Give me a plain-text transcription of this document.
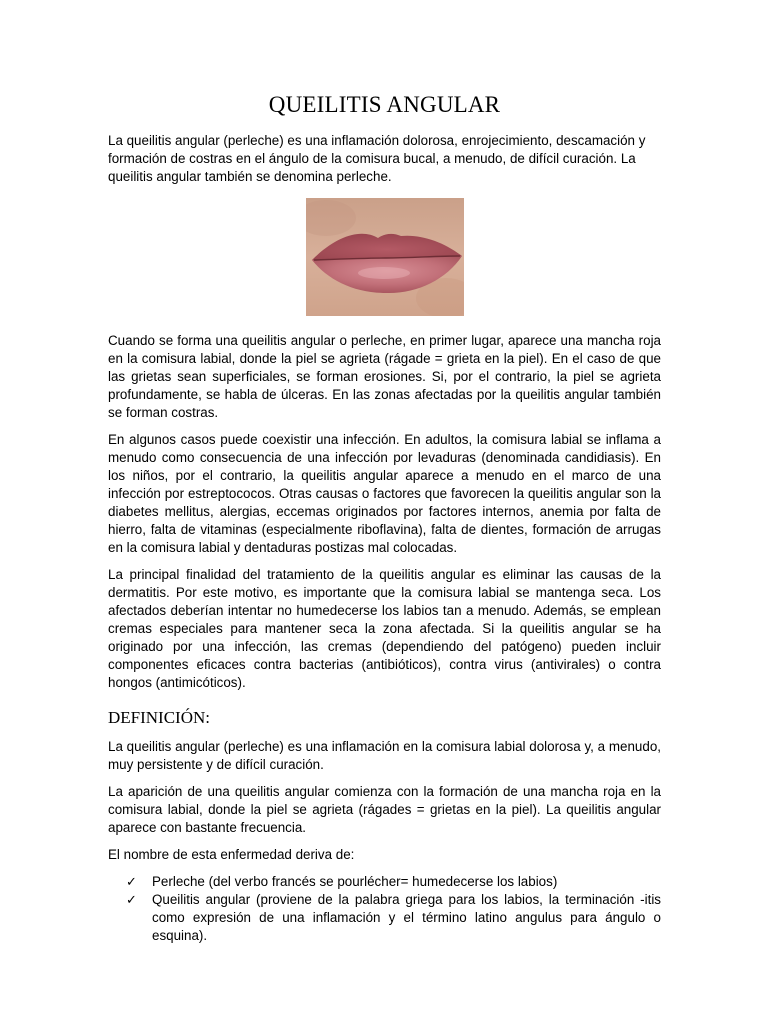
QUEILITIS ANGULAR

La queilitis angular (perleche) es una inflamación dolorosa, enrojecimiento, descamación y formación de costras en el ángulo de la comisura bucal, a menudo, de difícil curación. La queilitis angular también se denomina perleche.

Cuando se forma una queilitis angular o perleche, en primer lugar, aparece una mancha roja en la comisura labial, donde la piel se agrieta (rágade = grieta en la piel). En el caso de que las grietas sean superficiales, se forman erosiones. Si, por el contrario, la piel se agrieta profundamente, se habla de úlceras. En las zonas afectadas por la queilitis angular también se forman costras.

En algunos casos puede coexistir una infección. En adultos, la comisura labial se inflama a menudo como consecuencia de una infección por levaduras (denominada candidiasis). En los niños, por el contrario, la queilitis angular aparece a menudo en el marco de una infección por estreptococos. Otras causas o factores que favorecen la queilitis angular son la diabetes mellitus, alergias, eccemas originados por factores internos, anemia por falta de hierro, falta de vitaminas (especialmente riboflavina), falta de dientes, formación de arrugas en la comisura labial y dentaduras postizas mal colocadas.

La principal finalidad del tratamiento de la queilitis angular es eliminar las causas de la dermatitis. Por este motivo, es importante que la comisura labial se mantenga seca. Los afectados deberían intentar no humedecerse los labios tan a menudo. Además, se emplean cremas especiales para mantener seca la zona afectada. Si la queilitis angular se ha originado por una infección, las cremas (dependiendo del patógeno) pueden incluir componentes eficaces contra bacterias (antibióticos), contra virus (antivirales) o contra hongos (antimicóticos).

DEFINICIÓN:

La queilitis angular (perleche) es una inflamación en la comisura labial dolorosa y, a menudo, muy persistente y de difícil curación.

La aparición de una queilitis angular comienza con la formación de una mancha roja en la comisura labial, donde la piel se agrieta (rágades = grietas en la piel). La queilitis angular aparece con bastante frecuencia.

El nombre de esta enfermedad deriva de:

✓ Perleche (del verbo francés se pourlécher= humedecerse los labios)
✓ Queilitis angular (proviene de la palabra griega para los labios, la terminación -itis como expresión de una inflamación y el término latino angulus para ángulo o esquina).
